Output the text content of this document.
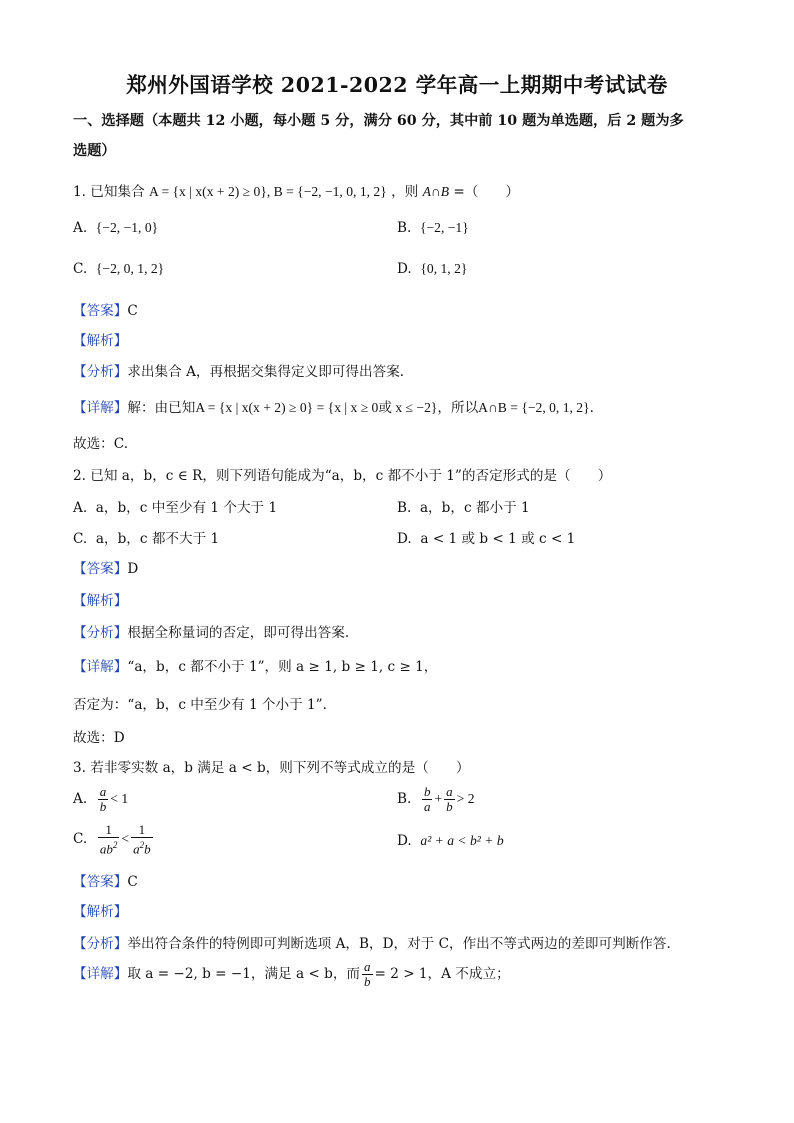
郑州外国语学校 2021-2022 学年高一上期期中考试试卷
一、选择题（本题共 12 小题，每小题 5 分，满分 60 分，其中前 10 题为单选题，后 2 题为多
选题）
1. 已知集合 A = {x | x(x + 2) ≥ 0}, B = {−2, −1, 0, 1, 2} ，则 A∩B =（　　）
A.  {−2, −1, 0}	B.  {−2, −1}
C.  {−2, 0, 1, 2}	D.  {0, 1, 2}
【答案】C
【解析】
【分析】求出集合 A，再根据交集得定义即可得出答案.
【详解】解：由已知A = {x | x(x + 2) ≥ 0} = {x | x ≥ 0或 x ≤ −2}，所以A∩B = {−2, 0, 1, 2}.
故选：C.
2. 已知 a，b，c ∈ R，则下列语句能成为“a，b，c 都不小于 1”的否定形式的是（　　）
A.  a，b，c 中至少有 1 个大于 1	B.  a，b，c 都小于 1
C.  a，b，c 都不大于 1	D.  a < 1 或 b < 1 或 c < 1
【答案】D
【解析】
【分析】根据全称量词的否定，即可得出答案.
【详解】“a，b，c 都不小于 1”，则 a ≥ 1, b ≥ 1, c ≥ 1，
否定为：“a，b，c 中至少有 1 个小于 1”.
故选：D
3. 若非零实数 a，b 满足 a < b，则下列不等式成立的是（　　）
A. $\frac{a}{b} < 1$	B. $\frac{b}{a} + \frac{a}{b} > 2$
C. $\frac{1}{ab^2} < \frac{1}{a^2b}$	D.  a² + a < b² + b
【答案】C
【解析】
【分析】举出符合条件的特例即可判断选项 A，B，D，对于 C，作出不等式两边的差即可判断作答.
【详解】取 a = −2, b = −1，满足 a < b，而 $\frac{a}{b} = 2 > 1$，A 不成立；
